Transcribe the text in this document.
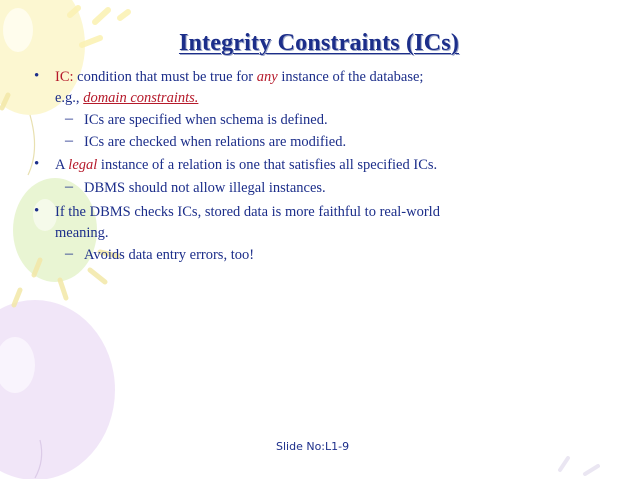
Integrity Constraints (ICs)
• IC: condition that must be true for any instance of the database;
e.g., domain constraints.
– ICs are specified when schema is defined.
– ICs are checked when relations are modified.
• A legal instance of a relation is one that satisfies all specified ICs.
– DBMS should not allow illegal instances.
• If the DBMS checks ICs, stored data is more faithful to real-world
meaning.
– Avoids data entry errors, too!
Slide No:L1-9
